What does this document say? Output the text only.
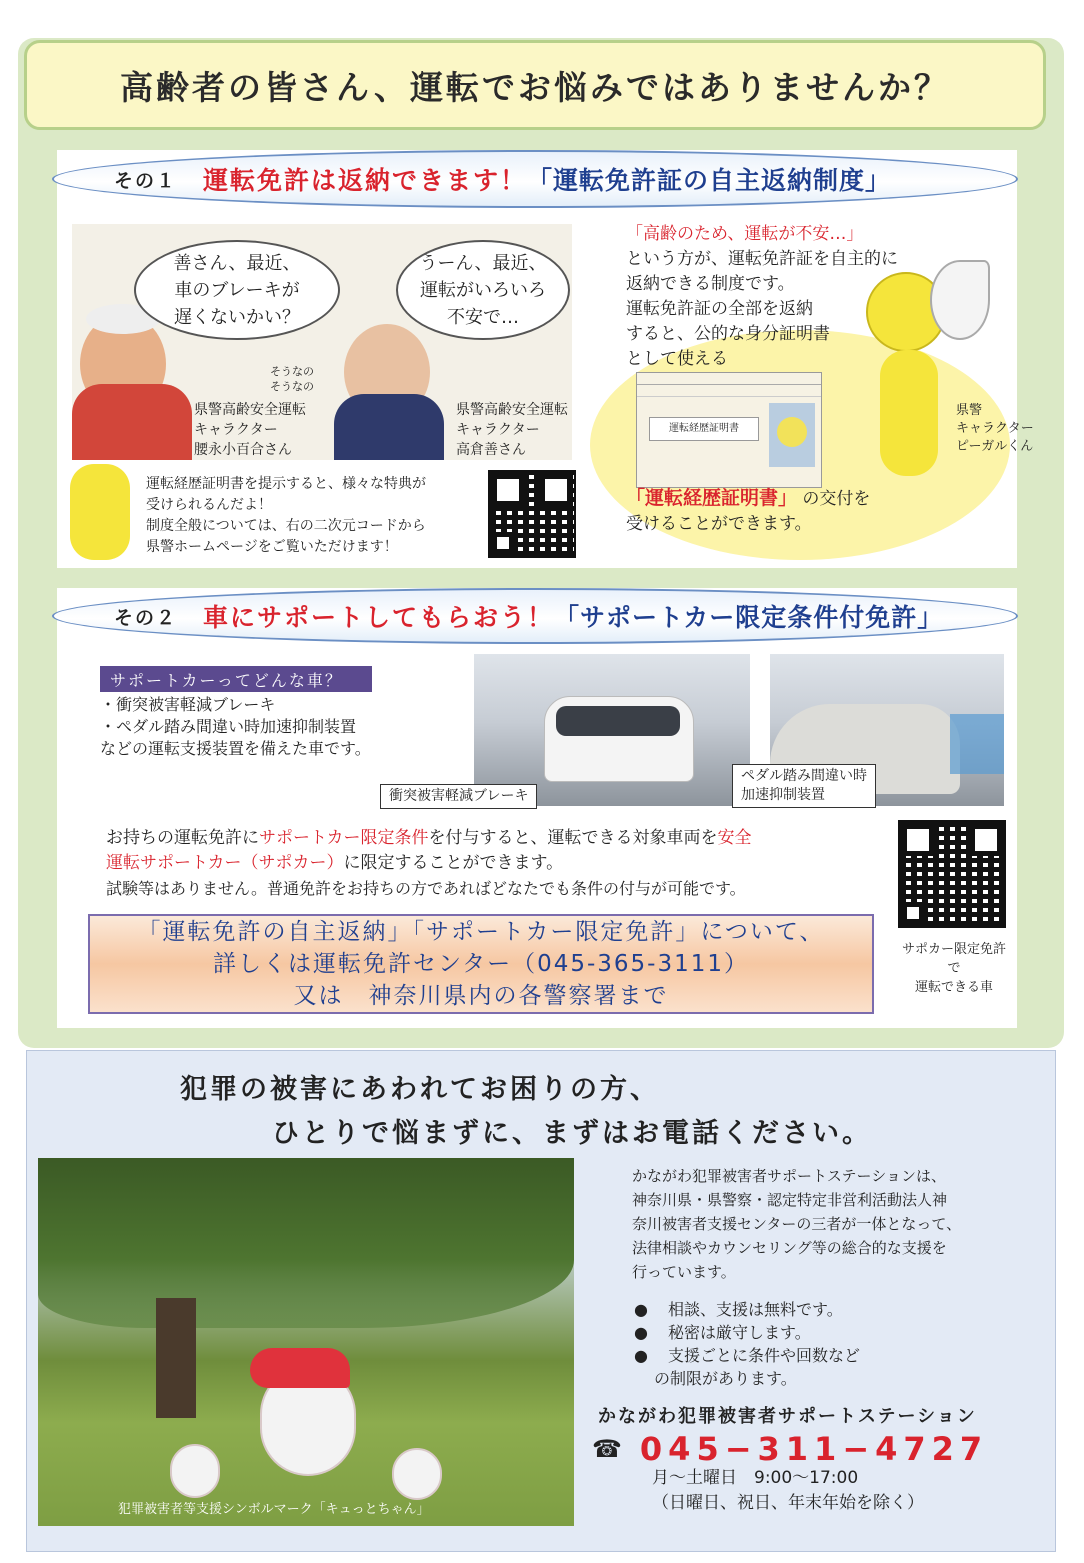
高齢者の皆さん、運転でお悩みではありませんか？
その１ 運転免許は返納できます！ 「運転免許証の自主返納制度」
善さん、最近、
車のブレーキが
遅くないかい？
うーん、最近、
運転がいろいろ
不安で…
そうなの
そうなの
県警高齢安全運転
キャラクター
腰永小百合さん
県警高齢安全運転
キャラクター
高倉善さん
「高齢のため、運転が不安…」
という方が、運転免許証を自主的に
返納できる制度です。
運転免許証の全部を返納
すると、公的な身分証明書
として使える
運転経歴証明書
「運転経歴証明書」 の交付を
受けることができます。
県警
キャラクター
ピーガルくん
運転経歴証明書を提示すると、様々な特典が
受けられるんだよ！
制度全般については、右の二次元コードから
県警ホームページをご覧いただけます！
その２ 車にサポートしてもらおう！ 「サポートカー限定条件付免許」
サポートカーってどんな車？
・衝突被害軽減ブレーキ
・ペダル踏み間違い時加速抑制装置
などの運転支援装置を備えた車です。
衝突被害軽減ブレーキ
ペダル踏み間違い時
加速抑制装置
お持ちの運転免許にサポートカー限定条件を付与すると、運転できる対象車両を安全
運転サポートカー（サポカー）に限定することができます。
試験等はありません。普通免許をお持ちの方であればどなたでも条件の付与が可能です。
サポカー限定免許
で
運転できる車
「運転免許の自主返納」「サポートカー限定免許」について、
詳しくは運転免許センター（045-365-3111）
又は　神奈川県内の各警察署まで
犯罪の被害にあわれてお困りの方、
ひとりで悩まずに、まずはお電話ください。
犯罪被害者等支援シンボルマーク「キュっとちゃん」
かながわ犯罪被害者サポートステーションは、
神奈川県・県警察・認定特定非営利活動法人神
奈川被害者支援センターの三者が一体となって、
法律相談やカウンセリング等の総合的な支援を
行っています。
● 相談、支援は無料です。
● 秘密は厳守します。
● 支援ごとに条件や回数など
の制限があります。
かながわ犯罪被害者サポートステーション
☎ 045−311−4727
月～土曜日　9:00～17:00
（日曜日、祝日、年末年始を除く）
